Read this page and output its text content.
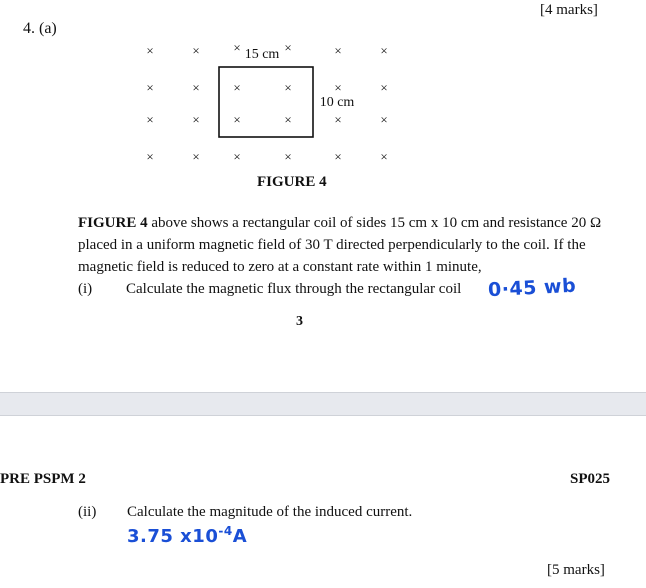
[4 marks]
4. (a)
×	×	×	×	×	×
×	×	×	×	×	×
×	×	×	×	×	×
×	×	×	×	×	×
15 cm
10 cm
FIGURE 4
FIGURE 4 above shows a rectangular coil of sides 15 cm x 10 cm and resistance 20 Ω placed in a uniform magnetic field of 30 T directed perpendicularly to the coil. If the magnetic field is reduced to zero at a constant rate within 1 minute,
(i) Calculate the magnetic flux through the rectangular coil 0·45 wb
3
PRE PSPM 2	SP025
(ii) Calculate the magnitude of the induced current.
3.75 $x10^{-4}A$
[5 marks]
